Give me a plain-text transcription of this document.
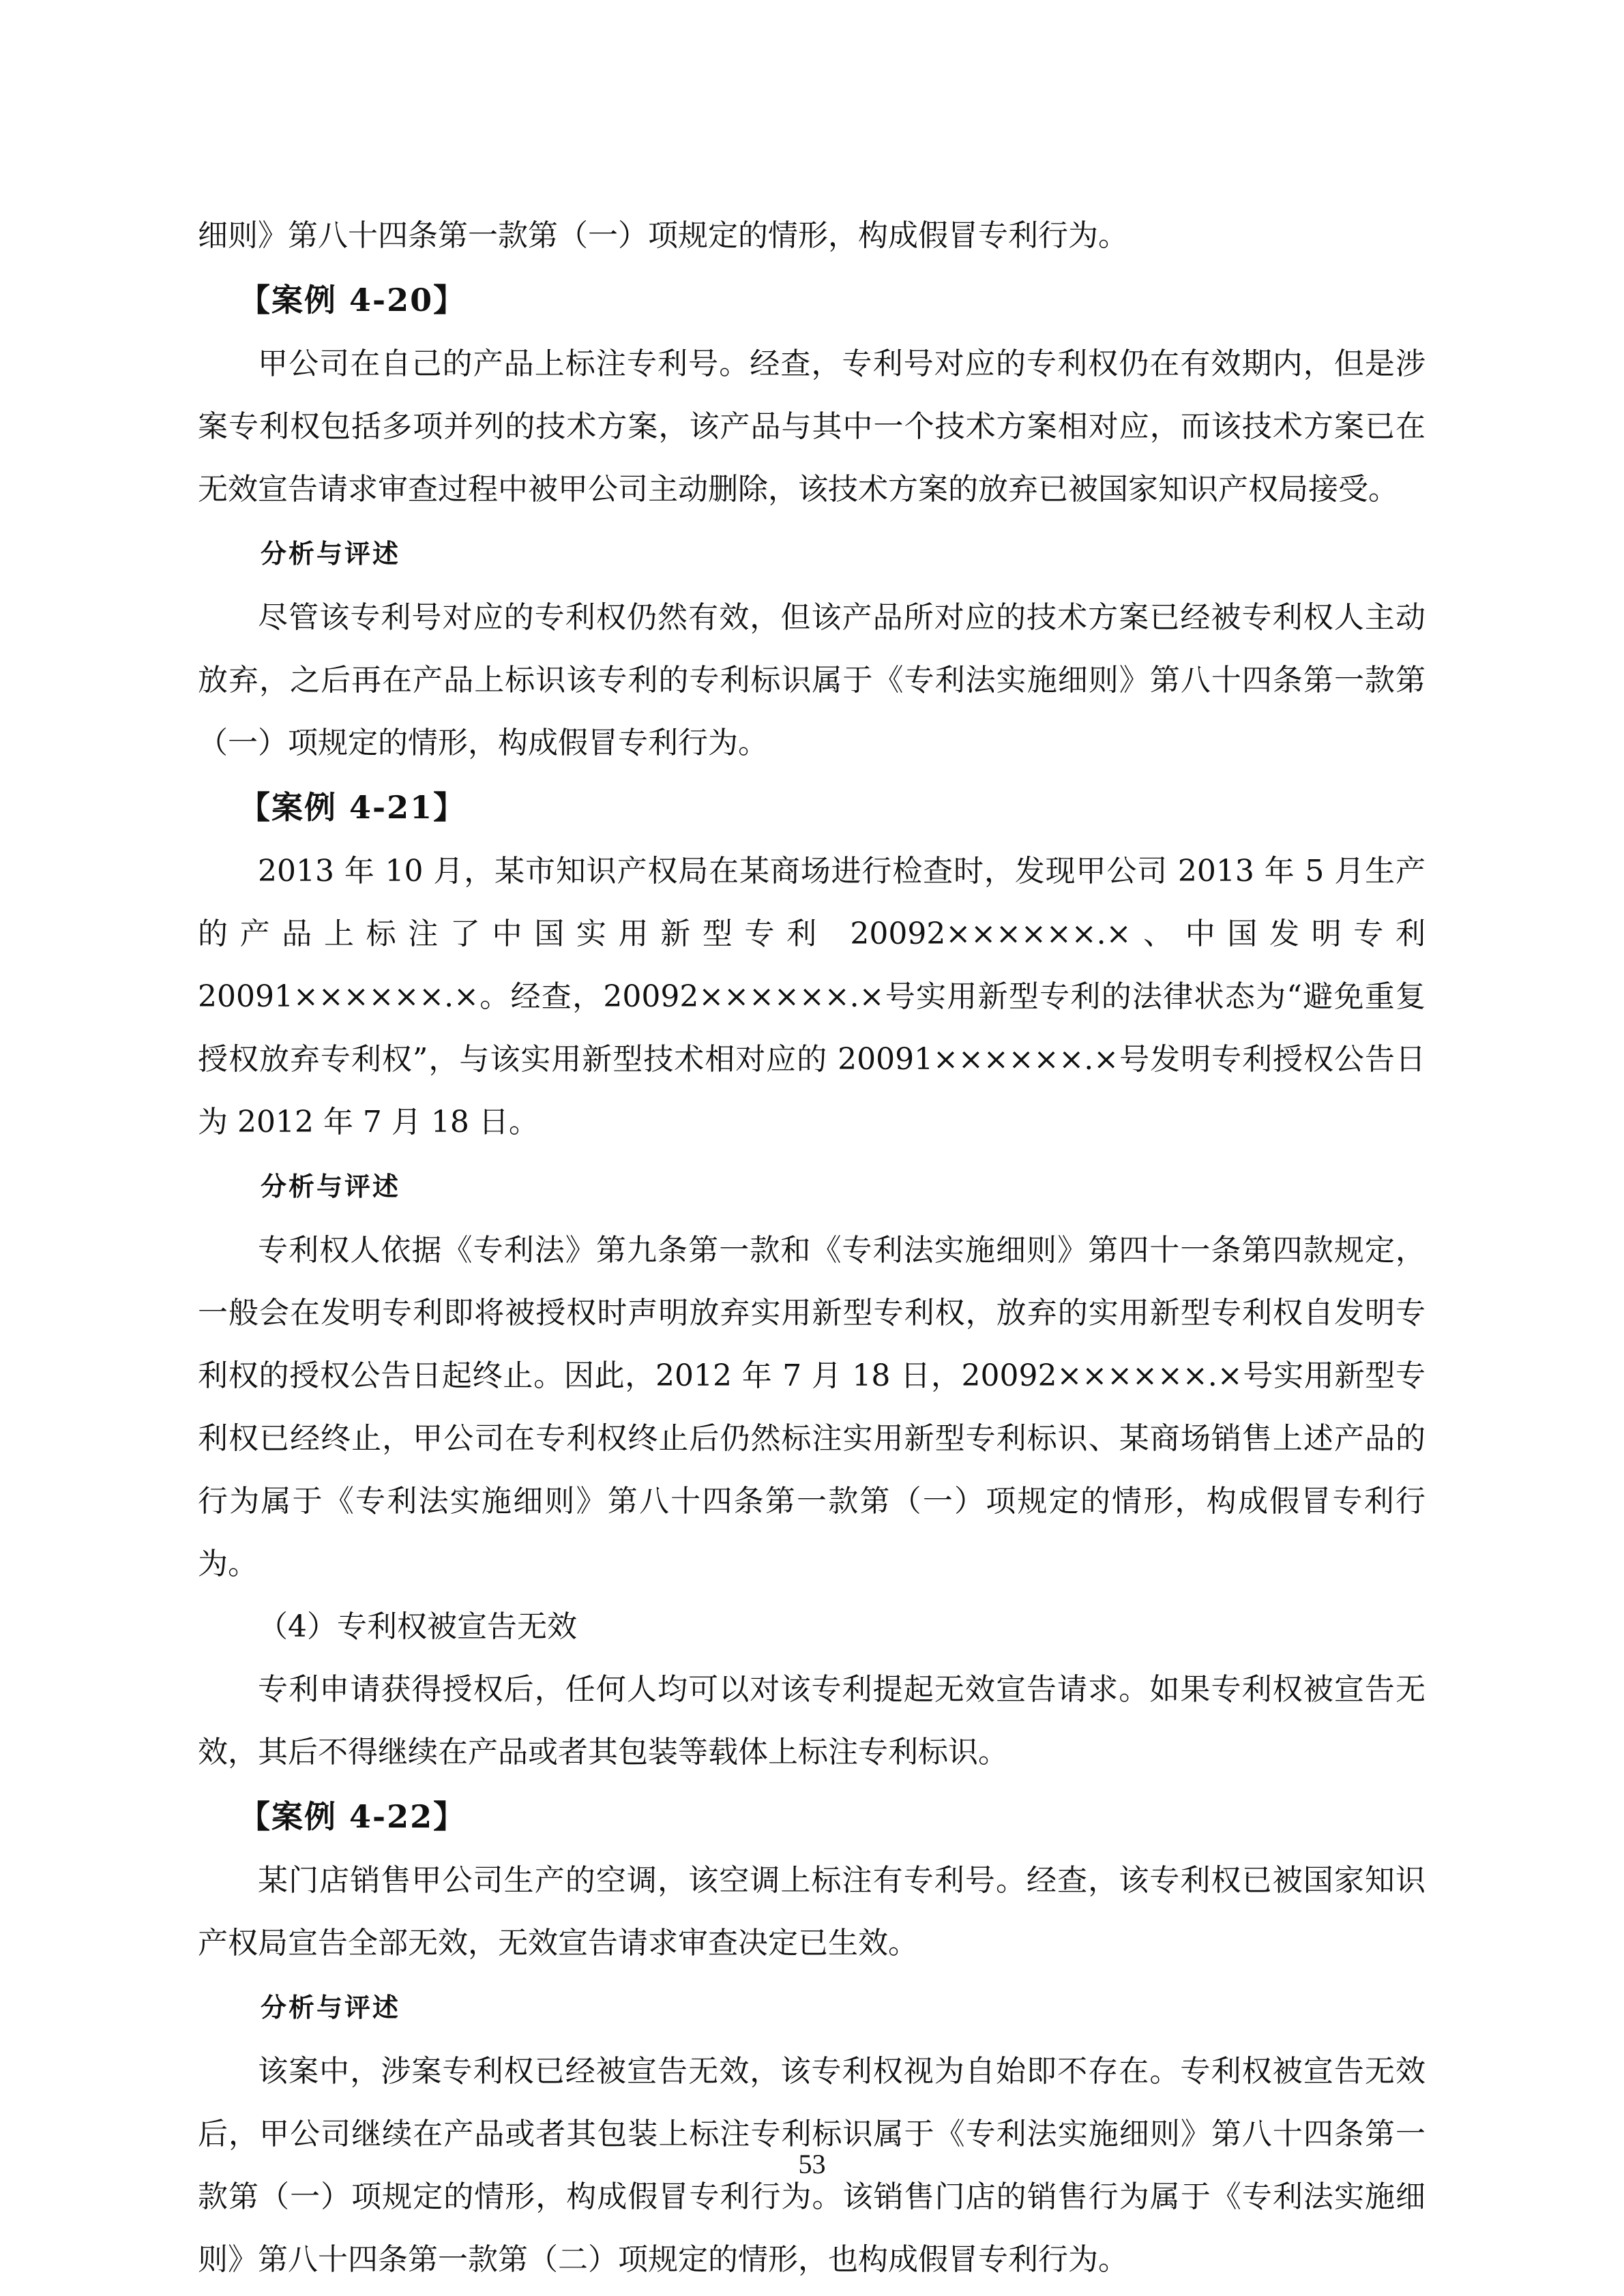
细则》第八十四条第一款第（一）项规定的情形，构成假冒专利行为。

【案例 4-20】

甲公司在自己的产品上标注专利号。经查，专利号对应的专利权仍在有效期内，但是涉案专利权包括多项并列的技术方案，该产品与其中一个技术方案相对应，而该技术方案已在无效宣告请求审查过程中被甲公司主动删除，该技术方案的放弃已被国家知识产权局接受。

分析与评述

尽管该专利号对应的专利权仍然有效，但该产品所对应的技术方案已经被专利权人主动放弃，之后再在产品上标识该专利的专利标识属于《专利法实施细则》第八十四条第一款第（一）项规定的情形，构成假冒专利行为。

【案例 4-21】

2013 年 10 月，某市知识产权局在某商场进行检查时，发现甲公司 2013 年 5 月生产的产品上标注了中国实用新型专利 20092××××××.×、中国发明专利 20091××××××.×。经查，20092××××××.×号实用新型专利的法律状态为“避免重复授权放弃专利权”，与该实用新型技术相对应的 20091××××××.×号发明专利授权公告日为 2012 年 7 月 18 日。

分析与评述

专利权人依据《专利法》第九条第一款和《专利法实施细则》第四十一条第四款规定，一般会在发明专利即将被授权时声明放弃实用新型专利权，放弃的实用新型专利权自发明专利权的授权公告日起终止。因此，2012 年 7 月 18 日，20092××××××.×号实用新型专利权已经终止，甲公司在专利权终止后仍然标注实用新型专利标识、某商场销售上述产品的行为属于《专利法实施细则》第八十四条第一款第（一）项规定的情形，构成假冒专利行为。

（4）专利权被宣告无效

专利申请获得授权后，任何人均可以对该专利提起无效宣告请求。如果专利权被宣告无效，其后不得继续在产品或者其包装等载体上标注专利标识。

【案例 4-22】

某门店销售甲公司生产的空调，该空调上标注有专利号。经查，该专利权已被国家知识产权局宣告全部无效，无效宣告请求审查决定已生效。

分析与评述

该案中，涉案专利权已经被宣告无效，该专利权视为自始即不存在。专利权被宣告无效后，甲公司继续在产品或者其包装上标注专利标识属于《专利法实施细则》第八十四条第一款第（一）项规定的情形，构成假冒专利行为。该销售门店的销售行为属于《专利法实施细则》第八十四条第一款第（二）项规定的情形，也构成假冒专利行为。

53
